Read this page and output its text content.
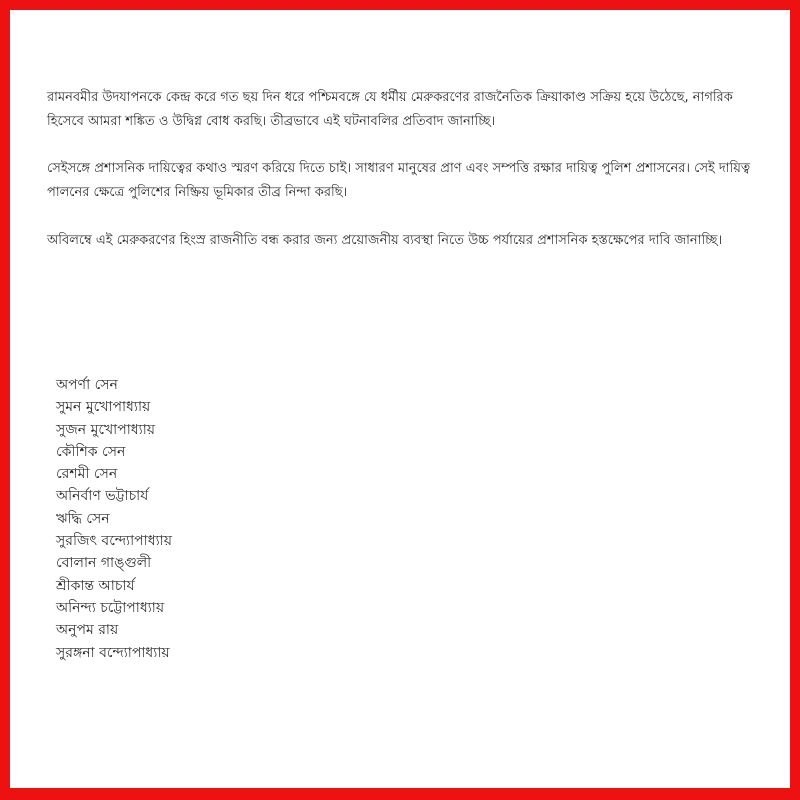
রামনবমীর উদযাপনকে কেন্দ্র করে গত ছয় দিন ধরে পশ্চিমবঙ্গে যে ধর্মীয় মেরুকরণের রাজনৈতিক ক্রিয়াকাণ্ড সক্রিয় হয়ে উঠেছে, নাগরিক হিসেবে আমরা শঙ্কিত ও উদ্বিগ্ন বোধ করছি। তীব্রভাবে এই ঘটনাবলির প্রতিবাদ জানাচ্ছি।

সেইসঙ্গে প্রশাসনিক দায়িত্বের কথাও স্মরণ করিয়ে দিতে চাই। সাধারণ মানুষের প্রাণ এবং সম্পত্তি রক্ষার দায়িত্ব পুলিশ প্রশাসনের। সেই দায়িত্ব পালনের ক্ষেত্রে পুলিশের নিষ্ক্রিয় ভূমিকার তীব্র নিন্দা করছি।

অবিলম্বে এই মেরুকরণের হিংস্র রাজনীতি বন্ধ করার জন্য প্রয়োজনীয় ব্যবস্থা নিতে উচ্চ পর্যায়ের প্রশাসনিক হস্তক্ষেপের দাবি জানাচ্ছি।

অপর্ণা সেন
সুমন মুখোপাধ্যায়
সুজন মুখোপাধ্যায়
কৌশিক সেন
রেশমী সেন
অনির্বাণ ভট্টাচার্য
ঋদ্ধি সেন
সুরজিৎ বন্দ্যোপাধ্যায়
বোলান গাঙ্গুলী
শ্রীকান্ত আচার্য
অনিন্দ্য চট্টোপাধ্যায়
অনুপম রায়
সুরঙ্গনা বন্দ্যোপাধ্যায়
